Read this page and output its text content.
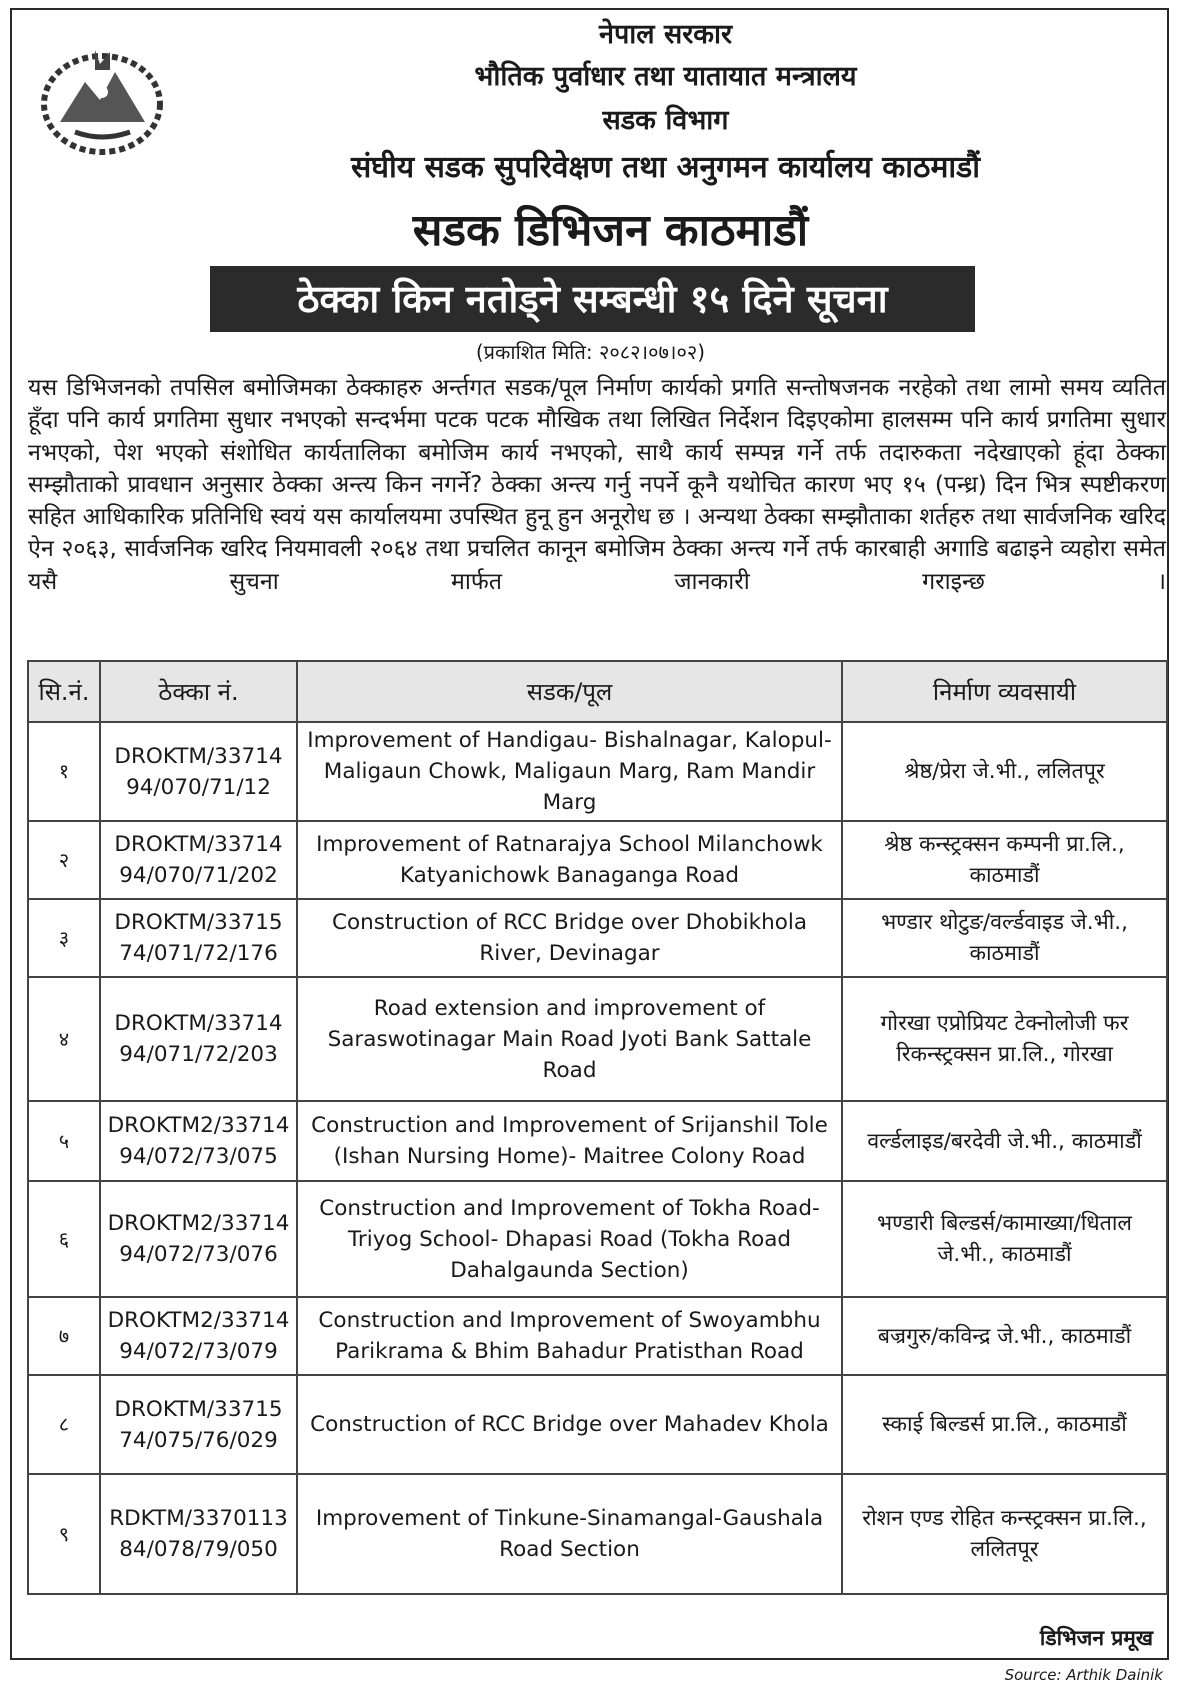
नेपाल सरकार
भौतिक पुर्वाधार तथा यातायात मन्त्रालय
सडक विभाग
संघीय सडक सुपरिवेक्षण तथा अनुगमन कार्यालय काठमाडौं
सडक डिभिजन काठमाडौं
ठेक्का किन नतोड्ने सम्बन्धी १५ दिने सूचना
(प्रकाशित मिति: २०८२।०७।०२)
यस डिभिजनको तपसिल बमोजिमका ठेक्काहरु अर्न्तगत सडक/पूल निर्माण कार्यको प्रगति सन्तोषजनक नरहेको तथा लामो समय व्यतित हूँदा पनि कार्य प्रगतिमा सुधार नभएको सन्दर्भमा पटक पटक मौखिक तथा लिखित निर्देशन दिइएकोमा हालसम्म पनि कार्य प्रगतिमा सुधार नभएको, पेश भएको संशोधित कार्यतालिका बमोजिम कार्य नभएको, साथै कार्य सम्पन्न गर्ने तर्फ तदारुकता नदेखाएको हूंदा ठेक्का सम्झौताको प्रावधान अनुसार ठेक्का अन्त्य किन नगर्ने? ठेक्का अन्त्य गर्नु नपर्ने कूनै यथोचित कारण भए १५ (पन्ध्र) दिन भित्र स्पष्टीकरण सहित आधिकारिक प्रतिनिधि स्वयं यस कार्यालयमा उपस्थित हुनू हुन अनूरोध छ । अन्यथा ठेक्का सम्झौताका शर्तहरु तथा सार्वजनिक खरिद ऐन २०६३, सार्वजनिक खरिद नियमावली २०६४ तथा प्रचलित कानून बमोजिम ठेक्का अन्त्य गर्ने तर्फ कारबाही अगाडि बढाइने व्यहोरा समेत यसै सुचना मार्फत जानकारी गराइन्छ ।
सि.नं.	ठेक्का नं.	सडक/पूल	निर्माण व्यवसायी
१	DROKTM/33714 94/070/71/12	Improvement of Handigau- Bishalnagar, Kalopul-Maligaun Chowk, Maligaun Marg, Ram Mandir Marg	श्रेष्ठ/प्रेरा जे.भी., ललितपूर
२	DROKTM/33714 94/070/71/202	Improvement of Ratnarajya School Milanchowk Katyanichowk Banaganga Road	श्रेष्ठ कन्स्ट्रक्सन कम्पनी प्रा.लि., काठमाडौं
३	DROKTM/33715 74/071/72/176	Construction of RCC Bridge over Dhobikhola River, Devinagar	भण्डार थोटुङ/वर्ल्डवाइड जे.भी., काठमाडौं
४	DROKTM/33714 94/071/72/203	Road extension and improvement of Saraswotinagar Main Road Jyoti Bank Sattale Road	गोरखा एप्रोप्रियट टेक्नोलोजी फर रिकन्स्ट्रक्सन प्रा.लि., गोरखा
५	DROKTM2/33714 94/072/73/075	Construction and Improvement of Srijanshil Tole (Ishan Nursing Home)- Maitree Colony Road	वर्ल्डलाइड/बरदेवी जे.भी., काठमाडौं
६	DROKTM2/33714 94/072/73/076	Construction and Improvement of Tokha Road-Triyog School- Dhapasi Road (Tokha Road Dahalgaunda Section)	भण्डारी बिल्डर्स/कामाख्या/धिताल जे.भी., काठमाडौं
७	DROKTM2/33714 94/072/73/079	Construction and Improvement of Swoyambhu Parikrama & Bhim Bahadur Pratisthan Road	बज्रगुरु/कविन्द्र जे.भी., काठमाडौं
८	DROKTM/33715 74/075/76/029	Construction of RCC Bridge over Mahadev Khola	स्काई बिल्डर्स प्रा.लि., काठमाडौं
९	RDKTM/3370113 84/078/79/050	Improvement of Tinkune-Sinamangal-Gaushala Road Section	रोशन एण्ड रोहित कन्स्ट्रक्सन प्रा.लि., ललितपूर
डिभिजन प्रमूख
Source: Arthik Dainik
